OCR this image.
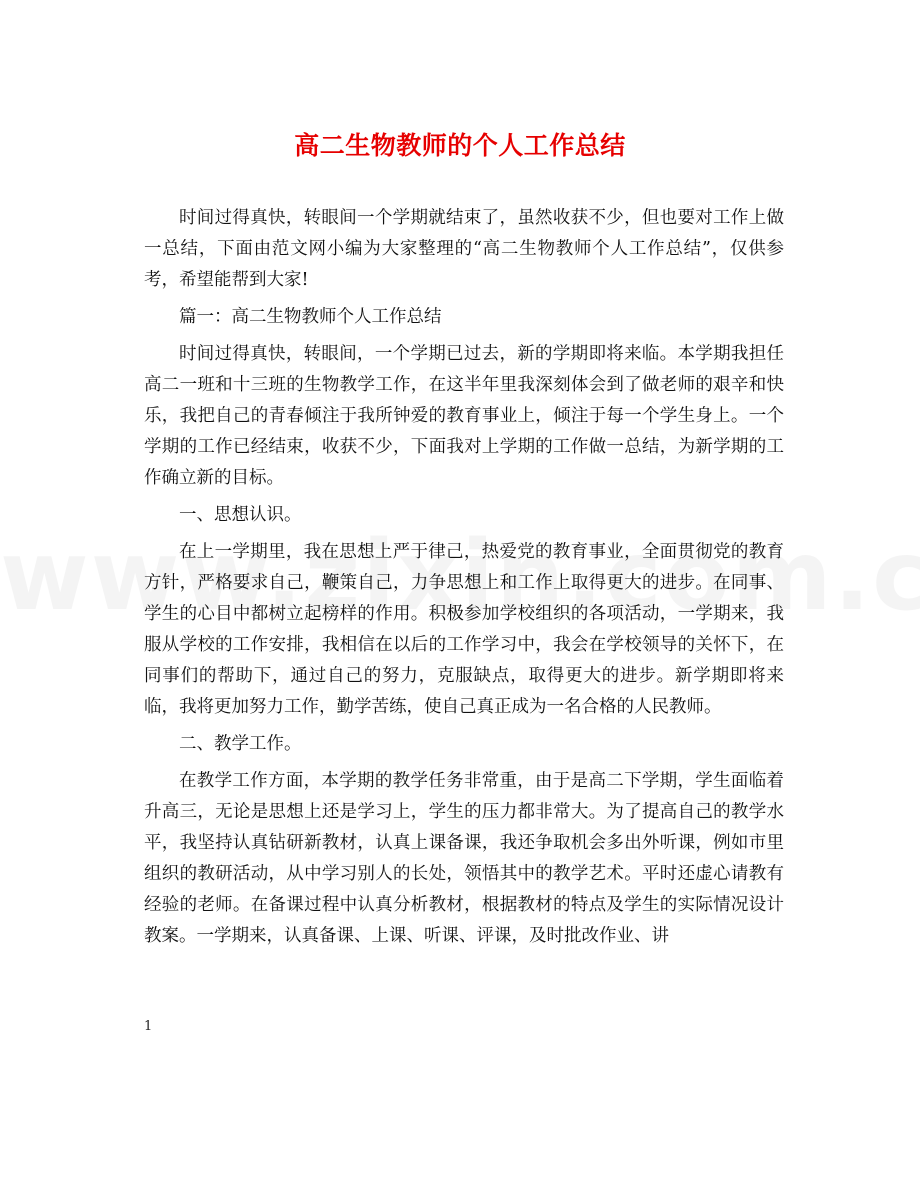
高二生物教师的个人工作总结

时间过得真快，转眼间一个学期就结束了，虽然收获不少，但也要对工作上做一总结，下面由范文网小编为大家整理的“高二生物教师个人工作总结”，仅供参考，希望能帮到大家!

篇一：高二生物教师个人工作总结

时间过得真快，转眼间，一个学期已过去，新的学期即将来临。本学期我担任高二一班和十三班的生物教学工作，在这半年里我深刻体会到了做老师的艰辛和快乐，我把自己的青春倾注于我所钟爱的教育事业上，倾注于每一个学生身上。一个学期的工作已经结束，收获不少，下面我对上学期的工作做一总结，为新学期的工作确立新的目标。

一、思想认识。

在上一学期里，我在思想上严于律己，热爱党的教育事业，全面贯彻党的教育方针，严格要求自己，鞭策自己，力争思想上和工作上取得更大的进步。在同事、学生的心目中都树立起榜样的作用。积极参加学校组织的各项活动，一学期来，我服从学校的工作安排，我相信在以后的工作学习中，我会在学校领导的关怀下，在同事们的帮助下，通过自己的努力，克服缺点，取得更大的进步。新学期即将来临，我将更加努力工作，勤学苦练，使自己真正成为一名合格的人民教师。

二、教学工作。

在教学工作方面，本学期的教学任务非常重，由于是高二下学期，学生面临着升高三，无论是思想上还是学习上，学生的压力都非常大。为了提高自己的教学水平，我坚持认真钻研新教材，认真上课备课，我还争取机会多出外听课，例如市里组织的教研活动，从中学习别人的长处，领悟其中的教学艺术。平时还虚心请教有经验的老师。在备课过程中认真分析教材，根据教材的特点及学生的实际情况设计教案。一学期来，认真备课、上课、听课、评课，及时批改作业、讲

1
